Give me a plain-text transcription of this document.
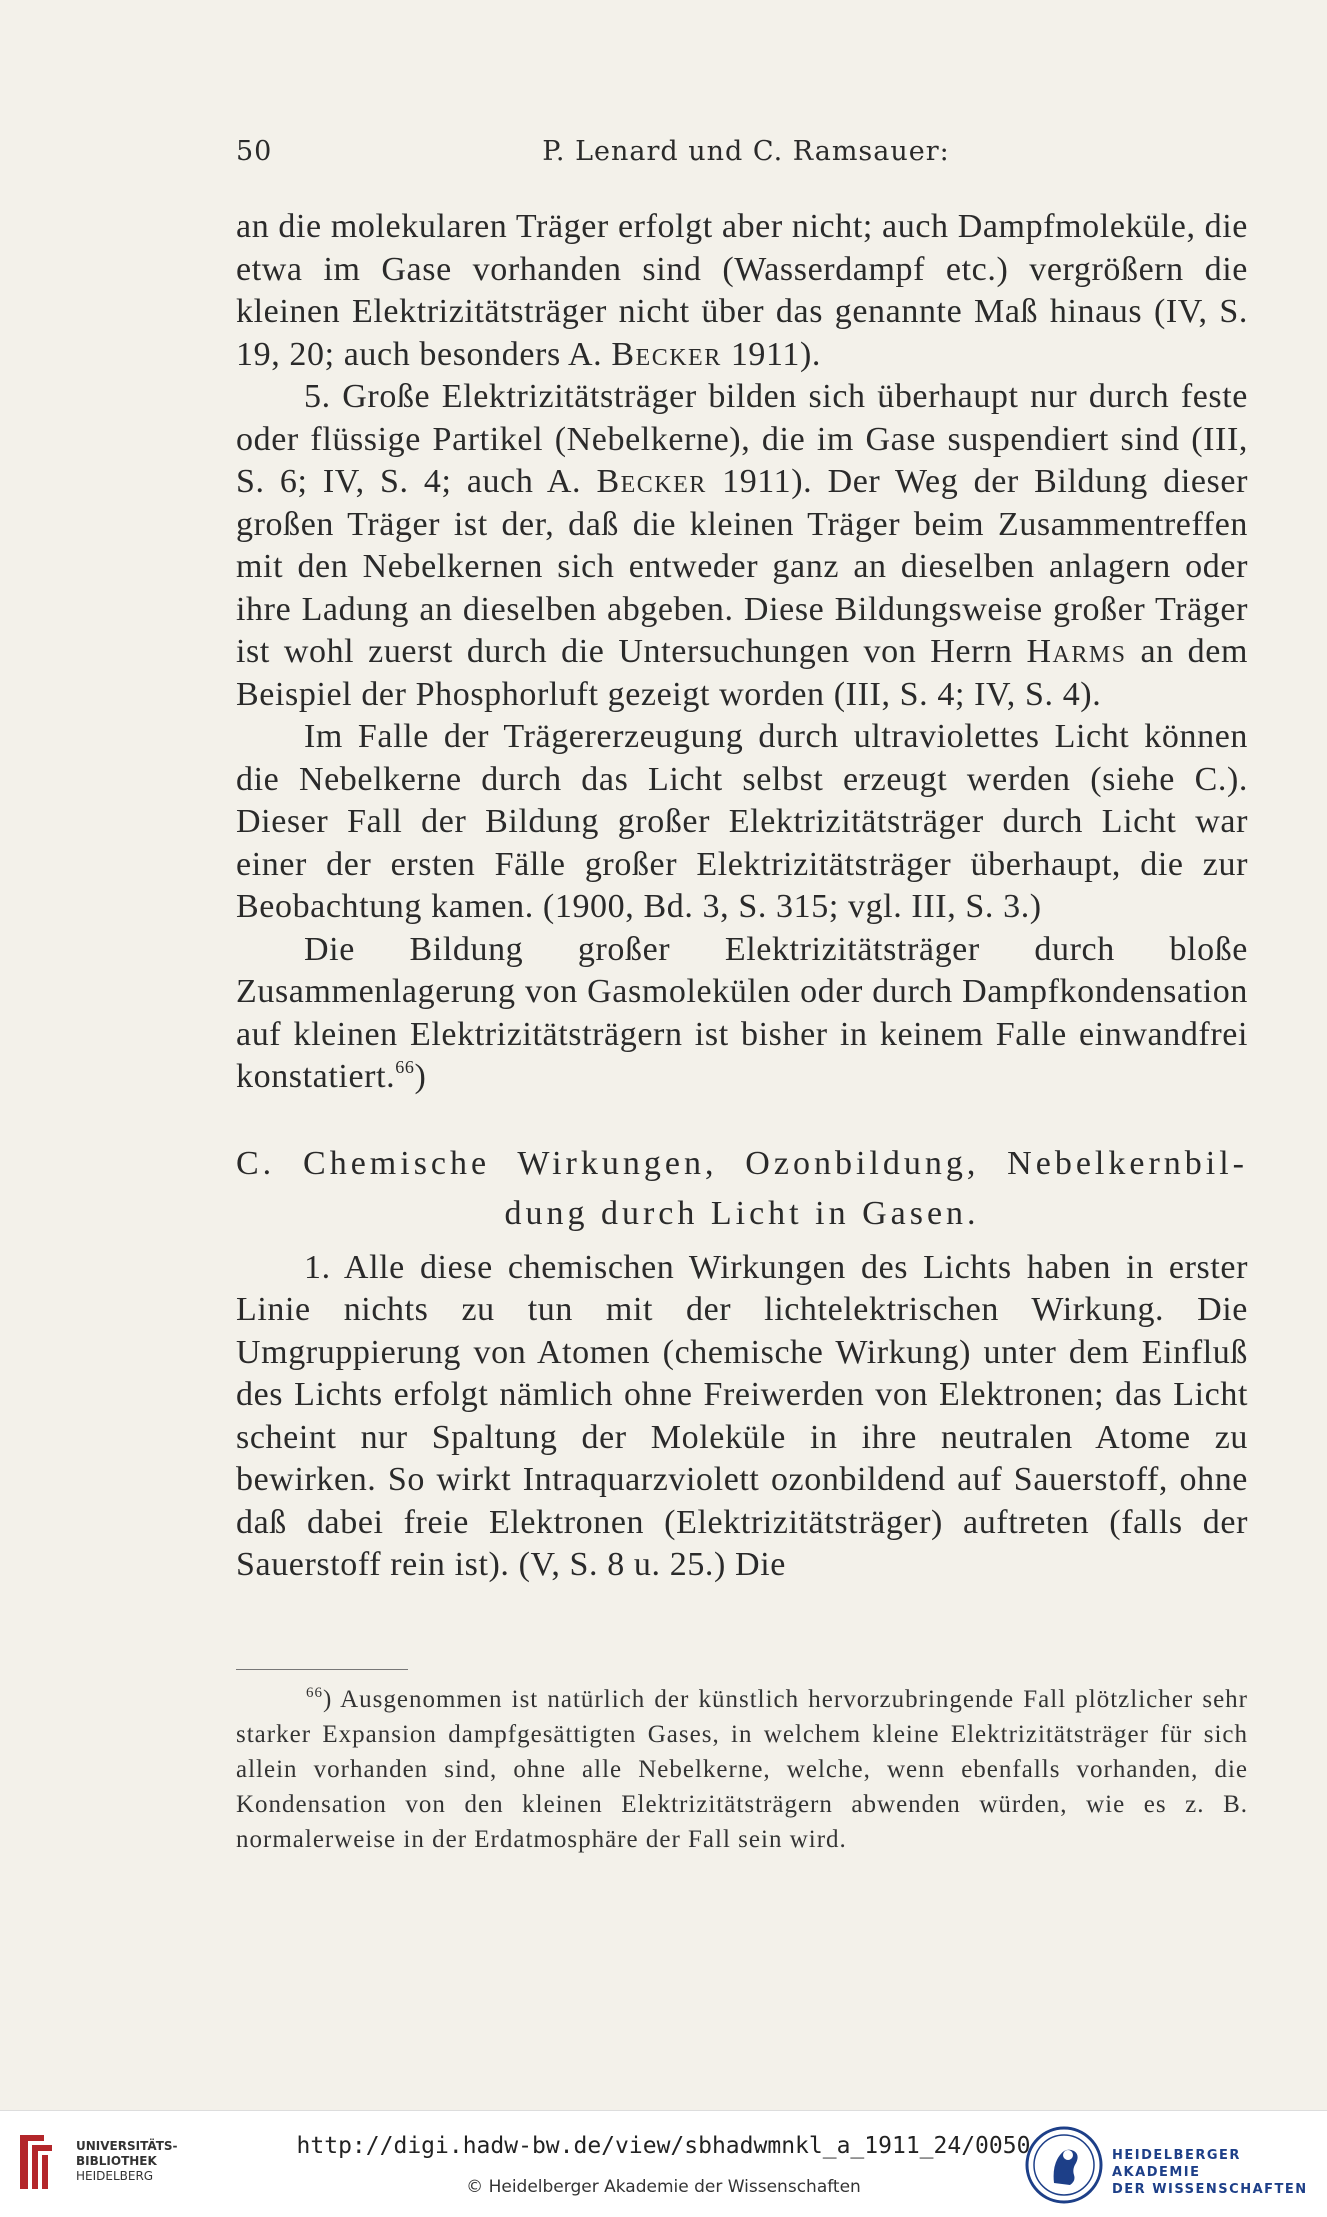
50	P. Lenard und C. Ramsauer:

an die molekularen Träger erfolgt aber nicht; auch Dampfmoleküle, die etwa im Gase vorhanden sind (Wasserdampf etc.) vergrößern die kleinen Elektrizitätsträger nicht über das genannte Maß hinaus (IV, S. 19, 20; auch besonders A. Becker 1911).

5. Große Elektrizitätsträger bilden sich überhaupt nur durch feste oder flüssige Partikel (Nebelkerne), die im Gase suspendiert sind (III, S. 6; IV, S. 4; auch A. Becker 1911). Der Weg der Bildung dieser großen Träger ist der, daß die kleinen Träger beim Zusammentreffen mit den Nebelkernen sich entweder ganz an dieselben anlagern oder ihre Ladung an dieselben abgeben. Diese Bildungsweise großer Träger ist wohl zuerst durch die Untersuchungen von Herrn Harms an dem Beispiel der Phosphorluft gezeigt worden (III, S. 4; IV, S. 4).

Im Falle der Trägererzeugung durch ultraviolettes Licht können die Nebelkerne durch das Licht selbst erzeugt werden (siehe C.). Dieser Fall der Bildung großer Elektrizitätsträger durch Licht war einer der ersten Fälle großer Elektrizitätsträger überhaupt, die zur Beobachtung kamen. (1900, Bd. 3, S. 315; vgl. III, S. 3.)

Die Bildung großer Elektrizitätsträger durch bloße Zusammenlagerung von Gasmolekülen oder durch Dampfkondensation auf kleinen Elektrizitätsträgern ist bisher in keinem Falle einwandfrei konstatiert.$^{66}$)

C. Chemische Wirkungen, Ozonbildung, Nebelkernbil-
dung durch Licht in Gasen.

1. Alle diese chemischen Wirkungen des Lichts haben in erster Linie nichts zu tun mit der lichtelektrischen Wirkung. Die Umgruppierung von Atomen (chemische Wirkung) unter dem Einfluß des Lichts erfolgt nämlich ohne Freiwerden von Elektronen; das Licht scheint nur Spaltung der Moleküle in ihre neutralen Atome zu bewirken. So wirkt Intraquarzviolett ozonbildend auf Sauerstoff, ohne daß dabei freie Elektronen (Elektrizitätsträger) auftreten (falls der Sauerstoff rein ist). (V, S. 8 u. 25.) Die

$^{66}$) Ausgenommen ist natürlich der künstlich hervorzubringende Fall plötzlicher sehr starker Expansion dampfgesättigten Gases, in welchem kleine Elektrizitätsträger für sich allein vorhanden sind, ohne alle Nebelkerne, welche, wenn ebenfalls vorhanden, die Kondensation von den kleinen Elektrizitätsträgern abwenden würden, wie es z. B. normalerweise in der Erdatmosphäre der Fall sein wird.

UNIVERSITÄTS-
BIBLIOTHEK
HEIDELBERG
http://digi.hadw-bw.de/view/sbhadwmnkl_a_1911_24/0050
© Heidelberger Akademie der Wissenschaften
HEIDELBERGER AKADEMIE
DER WISSENSCHAFTEN
